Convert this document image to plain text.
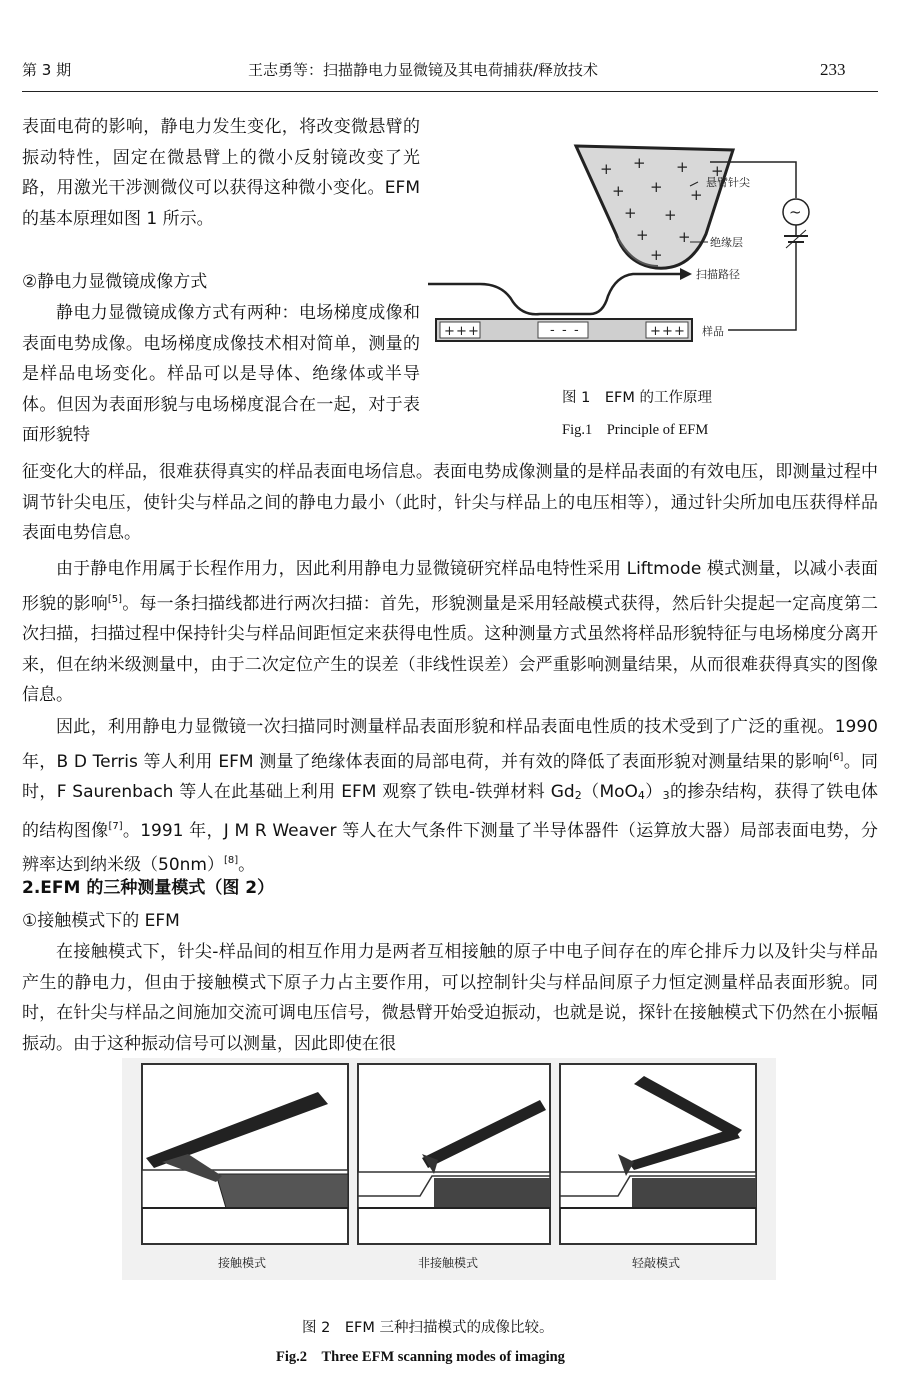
第 3 期	王志勇等：扫描静电力显微镜及其电荷捕获/释放技术	233

表面电荷的影响，静电力发生变化，将改变微悬臂的振动特性，固定在微悬臂上的微小反射镜改变了光路，用激光干涉测微仪可以获得这种微小变化。EFM 的基本原理如图 1 所示。

②静电力显微镜成像方式

静电力显微镜成像方式有两种：电场梯度成像和表面电势成像。电场梯度成像技术相对简单，测量的是样品电场变化。样品可以是导体、绝缘体或半导体。但因为表面形貌与电场梯度混合在一起，对于表面形貌特

+ + + +
+ + +
+ +
+ +
+
悬臂针尖
绝缘层
扫描路径
+ + +	- - -	+ + + 样品
~
图 1　EFM 的工作原理
Fig.1　Principle of EFM

征变化大的样品，很难获得真实的样品表面电场信息。表面电势成像测量的是样品表面的有效电压，即测量过程中调节针尖电压，使针尖与样品之间的静电力最小（此时，针尖与样品上的电压相等），通过针尖所加电压获得样品表面电势信息。

由于静电作用属于长程作用力，因此利用静电力显微镜研究样品电特性采用 Liftmode 模式测量，以减小表面形貌的影响[5]。每一条扫描线都进行两次扫描：首先，形貌测量是采用轻敲模式获得，然后针尖提起一定高度第二次扫描，扫描过程中保持针尖与样品间距恒定来获得电性质。这种测量方式虽然将样品形貌特征与电场梯度分离开来，但在纳米级测量中，由于二次定位产生的误差（非线性误差）会严重影响测量结果，从而很难获得真实的图像信息。

因此，利用静电力显微镜一次扫描同时测量样品表面形貌和样品表面电性质的技术受到了广泛的重视。1990 年，B D Terris 等人利用 EFM 测量了绝缘体表面的局部电荷，并有效的降低了表面形貌对测量结果的影响[6]。同时，F Saurenbach 等人在此基础上利用 EFM 观察了铁电-铁弹材料 Gd2（MoO4）3的掺杂结构，获得了铁电体的结构图像[7]。1991 年，J M R Weaver 等人在大气条件下测量了半导体器件（运算放大器）局部表面电势，分辨率达到纳米级（50nm）[8]。

2.EFM 的三种测量模式（图 2）

①接触模式下的 EFM

在接触模式下，针尖-样品间的相互作用力是两者互相接触的原子中电子间存在的库仑排斥力以及针尖与样品产生的静电力，但由于接触模式下原子力占主要作用，可以控制针尖与样品间原子力恒定测量样品表面形貌。同时，在针尖与样品之间施加交流可调电压信号，微悬臂开始受迫振动，也就是说，探针在接触模式下仍然在小振幅振动。由于这种振动信号可以测量，因此即使在很

接触模式	非接触模式	轻敲模式
图 2　EFM 三种扫描模式的成像比较。
Fig.2　Three EFM scanning modes of imaging
